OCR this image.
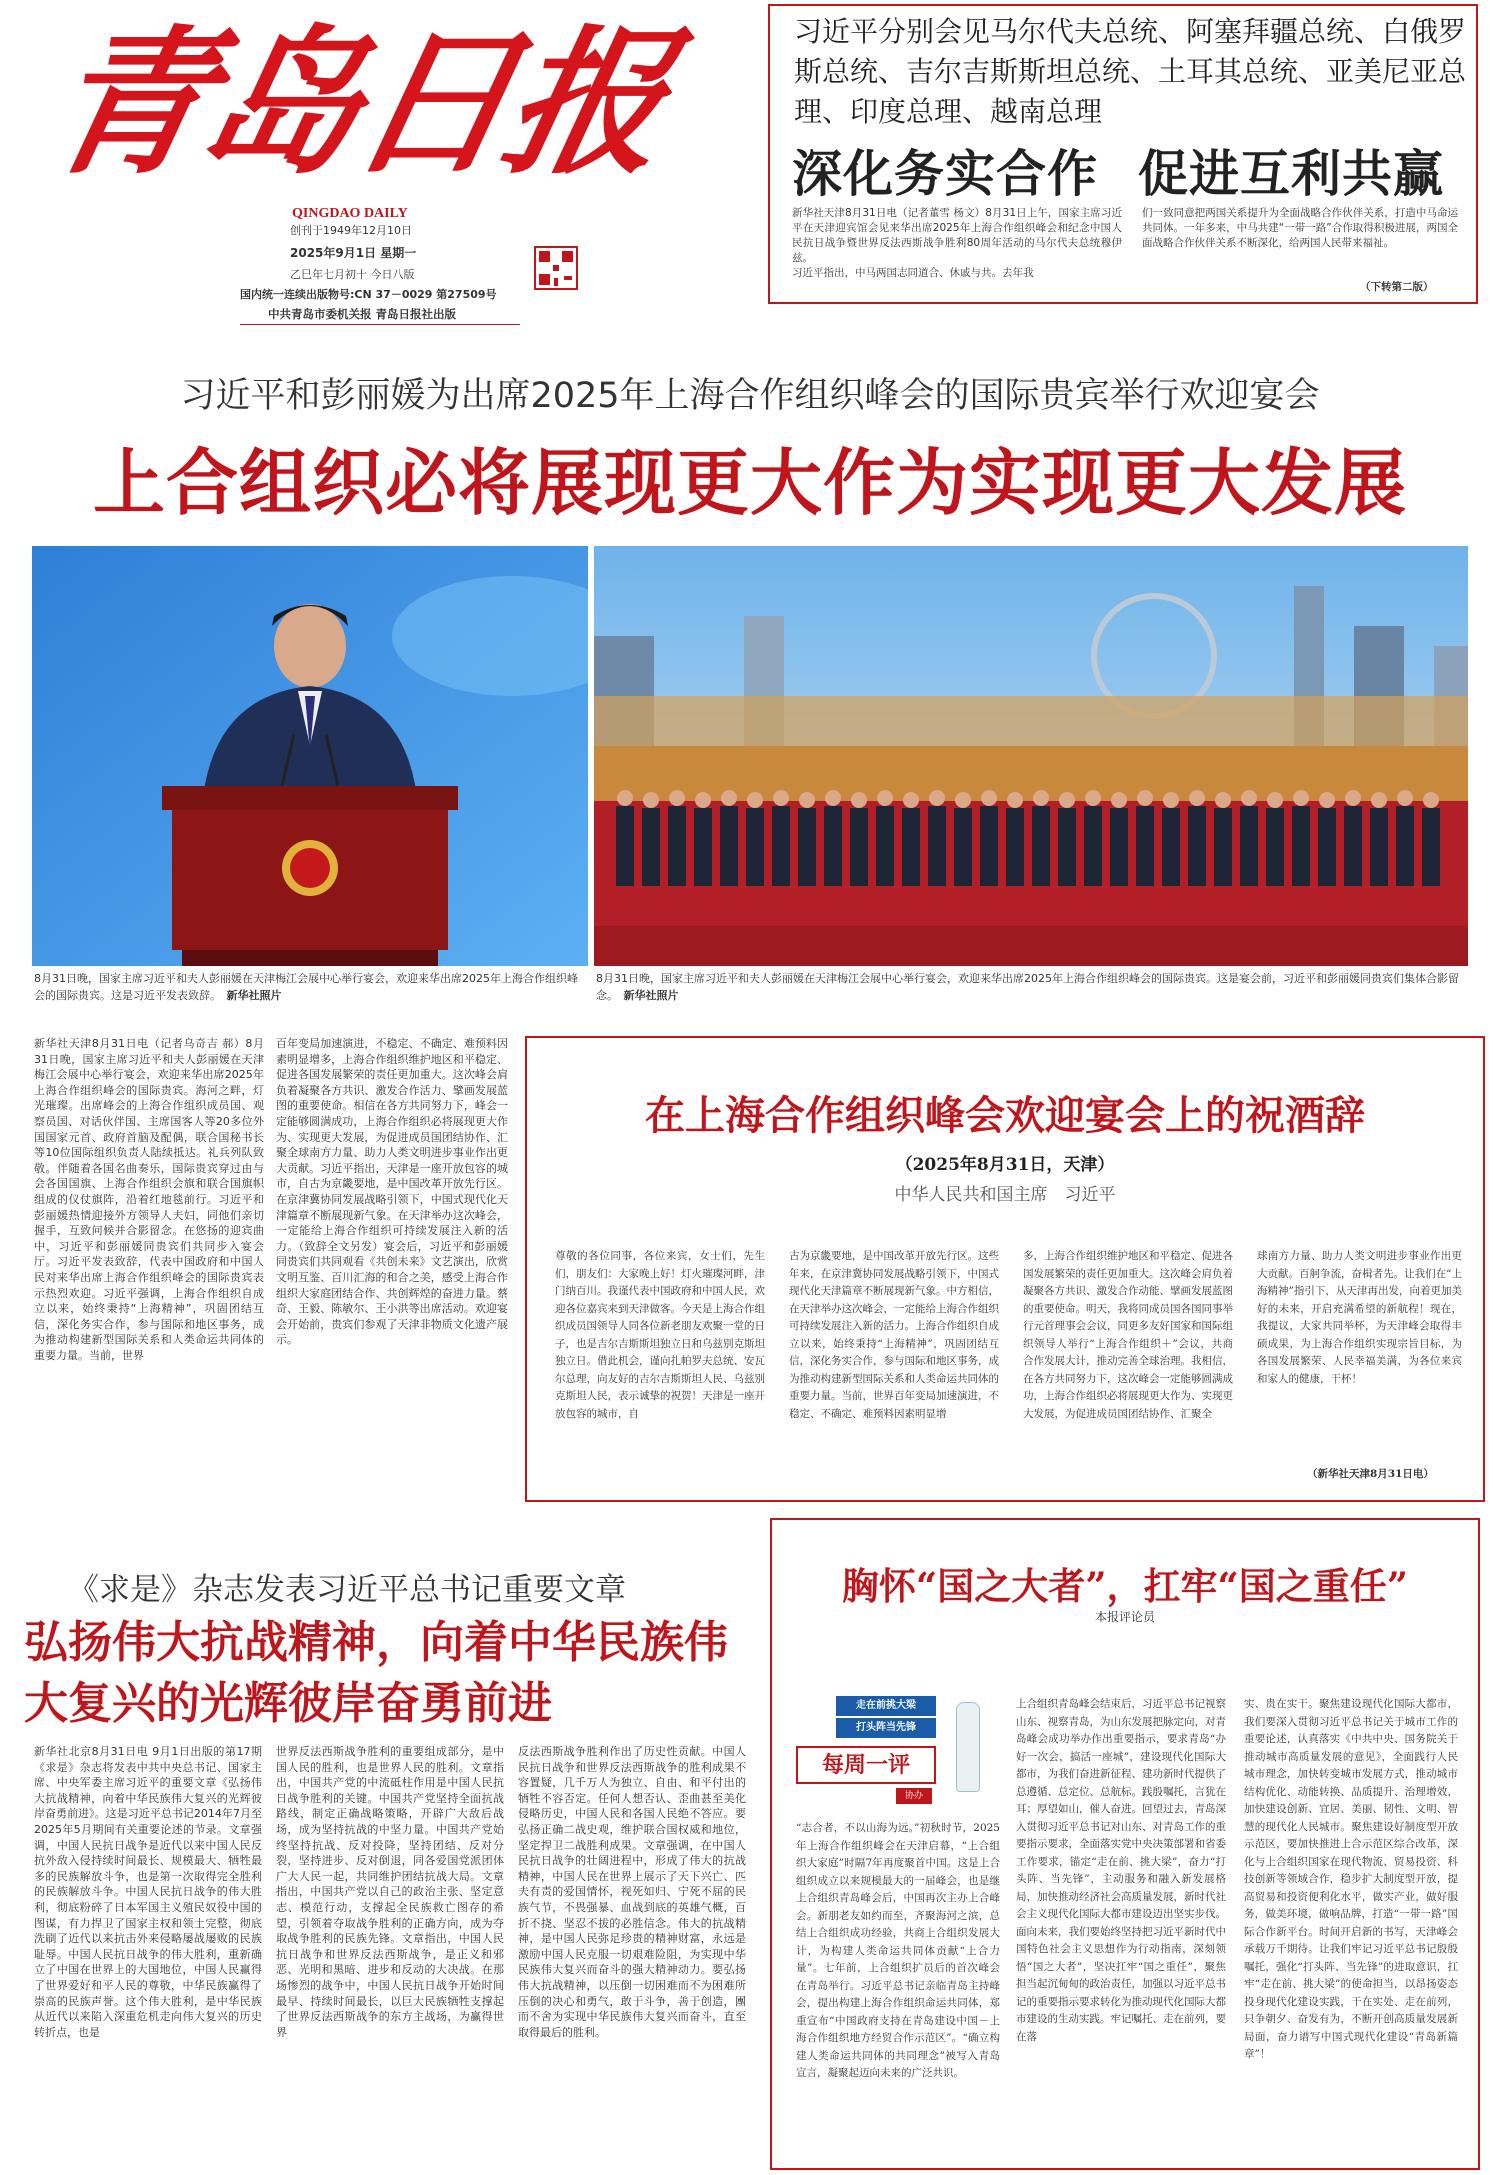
青岛日报
QINGDAO DAILY
创刊于1949年12月10日
2025年9月1日 星期一
乙巳年七月初十 今日八版
国内统一连续出版物号:CN 37－0029 第27509号
中共青岛市委机关报 青岛日报社出版
习近平分别会见马尔代夫总统、阿塞拜疆总统、白俄罗斯总统、吉尔吉斯斯坦总统、土耳其总统、亚美尼亚总理、印度总理、越南总理
深化务实合作 促进互利共赢
新华社天津8月31日电（记者董雪 杨文）8月31日上午，国家主席习近平在天津迎宾馆会见来华出席2025年上海合作组织峰会和纪念中国人民抗日战争暨世界反法西斯战争胜利80周年活动的马尔代夫总统穆伊兹。
习近平指出，中马两国志同道合、休戚与共。去年我
们一致同意把两国关系提升为全面战略合作伙伴关系，打造中马命运共同体。一年多来，中马共建“一带一路”合作取得积极进展，两国全面战略合作伙伴关系不断深化，给两国人民带来福祉。
（下转第二版）
习近平和彭丽媛为出席2025年上海合作组织峰会的国际贵宾举行欢迎宴会
上合组织必将展现更大作为实现更大发展
8月31日晚，国家主席习近平和夫人彭丽媛在天津梅江会展中心举行宴会，欢迎来华出席2025年上海合作组织峰会的国际贵宾。这是习近平发表致辞。　 新华社照片
8月31日晚，国家主席习近平和夫人彭丽媛在天津梅江会展中心举行宴会，欢迎来华出席2025年上海合作组织峰会的国际贵宾。这是宴会前，习近平和彭丽媛同贵宾们集体合影留念。　 新华社照片
新华社天津8月31日电（记者乌奇吉 郝）8月31日晚，国家主席习近平和夫人彭丽媛在天津梅江会展中心举行宴会，欢迎来华出席2025年上海合作组织峰会的国际贵宾。海河之畔，灯光璀璨。出席峰会的上海合作组织成员国、观察员国、对话伙伴国、主席国客人等20多位外国国家元首、政府首脑及配偶，联合国秘书长等10位国际组织负责人陆续抵达。礼兵列队致敬。伴随着各国名曲奏乐，国际贵宾穿过由与会各国国旗、上海合作组织会旗和联合国旗帜组成的仪仗旗阵，沿着红地毯前行。习近平和彭丽媛热情迎接外方领导人夫妇，同他们亲切握手，互致问候并合影留念。在悠扬的迎宾曲中，习近平和彭丽媛同贵宾们共同步入宴会厅。习近平发表致辞，代表中国政府和中国人民对来华出席上海合作组织峰会的国际贵宾表示热烈欢迎。习近平强调，上海合作组织自成立以来，始终秉持“上海精神”，巩固团结互信，深化务实合作，参与国际和地区事务，成为推动构建新型国际关系和人类命运共同体的重要力量。当前，世界
百年变局加速演进，不稳定、不确定、难预料因素明显增多，上海合作组织维护地区和平稳定、促进各国发展繁荣的责任更加重大。这次峰会肩负着凝聚各方共识、激发合作活力、擘画发展蓝图的重要使命。相信在各方共同努力下，峰会一定能够圆满成功，上海合作组织必将展现更大作为、实现更大发展，为促进成员国团结协作、汇聚全球南方力量、助力人类文明进步事业作出更大贡献。习近平指出，天津是一座开放包容的城市，自古为京畿要地，是中国改革开放先行区。在京津冀协同发展战略引领下，中国式现代化天津篇章不断展现新气象。在天津举办这次峰会，一定能给上海合作组织可持续发展注入新的活力。（致辞全文另发）宴会后，习近平和彭丽媛同贵宾们共同观看《共创未来》文艺演出，欣赏文明互鉴、百川汇海的和合之美，感受上海合作组织大家庭团结合作、共创辉煌的奋进力量。蔡奇、王毅、陈敏尔、王小洪等出席活动。欢迎宴会开始前，贵宾们参观了天津非物质文化遗产展示。
在上海合作组织峰会欢迎宴会上的祝酒辞
（2025年8月31日，天津）
中华人民共和国主席　习近平
尊敬的各位同事，各位来宾，女士们，先生们，朋友们：大家晚上好！灯火璀璨河畔，津门纳百川。我谨代表中国政府和中国人民，欢迎各位嘉宾来到天津做客。今天是上海合作组织成员国领导人同各位新老朋友欢聚一堂的日子，也是吉尔吉斯斯坦独立日和乌兹别克斯坦独立日。借此机会，谨向扎帕罗夫总统、安瓦尔总理，向友好的吉尔吉斯斯坦人民、乌兹别克斯坦人民，表示诚挚的祝贺！天津是一座开放包容的城市，自
古为京畿要地，是中国改革开放先行区。这些年来，在京津冀协同发展战略引领下，中国式现代化天津篇章不断展现新气象。中方相信，在天津举办这次峰会，一定能给上海合作组织可持续发展注入新的活力。上海合作组织自成立以来，始终秉持“上海精神”，巩固团结互信，深化务实合作，参与国际和地区事务，成为推动构建新型国际关系和人类命运共同体的重要力量。当前，世界百年变局加速演进，不稳定、不确定、难预料因素明显增
多，上海合作组织维护地区和平稳定、促进各国发展繁荣的责任更加重大。这次峰会肩负着凝聚各方共识、激发合作动能、擘画发展蓝图的重要使命。明天，我将同成员国各国同事举行元首理事会会议，同更多友好国家和国际组织领导人举行“上海合作组织＋”会议，共商合作发展大计，推动完善全球治理。我相信，在各方共同努力下，这次峰会一定能够圆满成功，上海合作组织必将展现更大作为、实现更大发展，为促进成员国团结协作、汇聚全
球南方力量、助力人类文明进步事业作出更大贡献。百舸争流，奋楫者先。让我们在“上海精神”指引下，从天津再出发，向着更加美好的未来，开启充满希望的新航程！现在，我提议，大家共同举杯，为天津峰会取得丰硕成果，为上海合作组织实现宗旨目标，为各国发展繁荣、人民幸福美满，为各位来宾和家人的健康，干杯！
（新华社天津8月31日电）
《求是》杂志发表习近平总书记重要文章
弘扬伟大抗战精神，向着中华民族伟大复兴的光辉彼岸奋勇前进
新华社北京8月31日电 9月1日出版的第17期《求是》杂志将发表中共中央总书记、国家主席、中央军委主席习近平的重要文章《弘扬伟大抗战精神，向着中华民族伟大复兴的光辉彼岸奋勇前进》。这是习近平总书记2014年7月至2025年5月期间有关重要论述的节录。文章强调，中国人民抗日战争是近代以来中国人民反抗外敌入侵持续时间最长、规模最大、牺牲最多的民族解放斗争，也是第一次取得完全胜利的民族解放斗争。中国人民抗日战争的伟大胜利，彻底粉碎了日本军国主义殖民奴役中国的图谋，有力捍卫了国家主权和领土完整，彻底洗刷了近代以来抗击外来侵略屡战屡败的民族耻辱。中国人民抗日战争的伟大胜利，重新确立了中国在世界上的大国地位，中国人民赢得了世界爱好和平人民的尊敬，中华民族赢得了崇高的民族声誉。这个伟大胜利，是中华民族从近代以来陷入深重危机走向伟大复兴的历史转折点，也是
世界反法西斯战争胜利的重要组成部分，是中国人民的胜利，也是世界人民的胜利。文章指出，中国共产党的中流砥柱作用是中国人民抗日战争胜利的关键。中国共产党坚持全面抗战路线，制定正确战略策略，开辟广大敌后战场，成为坚持抗战的中坚力量。中国共产党始终坚持抗战、反对投降，坚持团结、反对分裂，坚持进步、反对倒退，同各爱国党派团体广大人民一起，共同维护团结抗战大局。文章指出，中国共产党以自己的政治主张、坚定意志、模范行动，支撑起全民族救亡图存的希望，引领着夺取战争胜利的正确方向，成为夺取战争胜利的民族先锋。文章指出，中国人民抗日战争和世界反法西斯战争，是正义和邪恶、光明和黑暗、进步和反动的大决战。在那场惨烈的战争中，中国人民抗日战争开始时间最早、持续时间最长，以巨大民族牺牲支撑起了世界反法西斯战争的东方主战场，为赢得世界
反法西斯战争胜利作出了历史性贡献。中国人民抗日战争和世界反法西斯战争的胜利成果不容置疑，几千万人为独立、自由、和平付出的牺牲不容否定。任何人想否认、歪曲甚至美化侵略历史，中国人民和各国人民绝不答应。要弘扬正确二战史观，维护联合国权威和地位，坚定捍卫二战胜利成果。文章强调，在中国人民抗日战争的壮阔进程中，形成了伟大的抗战精神，中国人民在世界上展示了天下兴亡、匹夫有责的爱国情怀，视死如归、宁死不屈的民族气节，不畏强暴、血战到底的英雄气概，百折不挠、坚忍不拔的必胜信念。伟大的抗战精神，是中国人民弥足珍贵的精神财富，永远是激励中国人民克服一切艰难险阻，为实现中华民族伟大复兴而奋斗的强大精神动力。要弘扬伟大抗战精神，以压倒一切困难而不为困难所压倒的决心和勇气，敢于斗争，善于创造，團而不舍为实现中华民族伟大复兴而奋斗，直至取得最后的胜利。
胸怀“国之大者”，扛牢“国之重任”
本报评论员
走在前挑大梁
打头阵当先锋
每周一评
协办
“志合者，不以山海为远。”初秋时节，2025年上海合作组织峰会在天津启幕，“上合组织大家庭”时隔7年再度聚首中国。这是上合组织成立以来规模最大的一届峰会，也是继上合组织青岛峰会后，中国再次主办上合峰会。新朋老友如约而至，齐聚海河之滨，总结上合组织成功经验，共商上合组织发展大计，为构建人类命运共同体贡献“上合力量”。七年前，上合组织扩员后的首次峰会在青岛举行。习近平总书记亲临青岛主持峰会，提出构建上海合作组织命运共同体，郑重宣布“中国政府支持在青岛建设中国－上海合作组织地方经贸合作示范区”。“确立构建人类命运共同体的共同理念”被写入青岛宣言，凝聚起迈向未来的广泛共识。
上合组织青岛峰会结束后，习近平总书记视察山东、视察青岛，为山东发展把脉定向，对青岛峰会成功举办作出重要指示，要求青岛“办好一次会，搞活一座城”，建设现代化国际大都市，为我们奋进新征程、建功新时代提供了总遵循、总定位、总航标。践殷嘱托，言犹在耳；厚望如山，催人奋进。回望过去，青岛深入贯彻习近平总书记对山东、对青岛工作的重要指示要求，全面落实党中央决策部署和省委工作要求，锚定“走在前、挑大梁”，奋力“打头阵、当先锋”，主动服务和融入新发展格局，加快推动经济社会高质量发展，新时代社会主义现代化国际大都市建设迈出坚实步伐。面向未来，我们要始终坚持把习近平新时代中国特色社会主义思想作为行动指南，深刻领悟“国之大者”，坚决扛牢“国之重任”，聚焦担当起沉甸甸的政治责任，加强以习近平总书记的重要指示要求转化为推动现代化国际大都市建设的生动实践。牢记嘱托、走在前列，要在落
实、贵在实干。聚焦建设现代化国际大都市，我们要深入贯彻习近平总书记关于城市工作的重要论述，认真落实《中共中央、国务院关于推动城市高质量发展的意见》，全面践行人民城市理念，加快转变城市发展方式，推动城市结构优化、动能转换、品质提升、治理增效，加快建设创新、宜居、美丽、韧性、文明、智慧的现代化人民城市。聚焦建设好制度型开放示范区，要加快推进上合示范区综合改革，深化与上合组织国家在现代物流、贸易投资、科技创新等领域合作，稳步扩大制度型开放，提高贸易和投资便利化水平，做实产业，做好服务，做美环境，做响品牌，打造“一带一路”国际合作新平台。时间开启新的书写，天津峰会承载万千期待。让我们牢记习近平总书记殷殷嘱托，强化“打头阵、当先锋”的进取意识，扛牢“走在前、挑大梁”的使命担当，以昂扬姿态投身现代化建设实践，干在实处、走在前列，只争朝夕、奋发有为，不断开创高质量发展新局面，奋力谱写中国式现代化建设“青岛新篇章”！
